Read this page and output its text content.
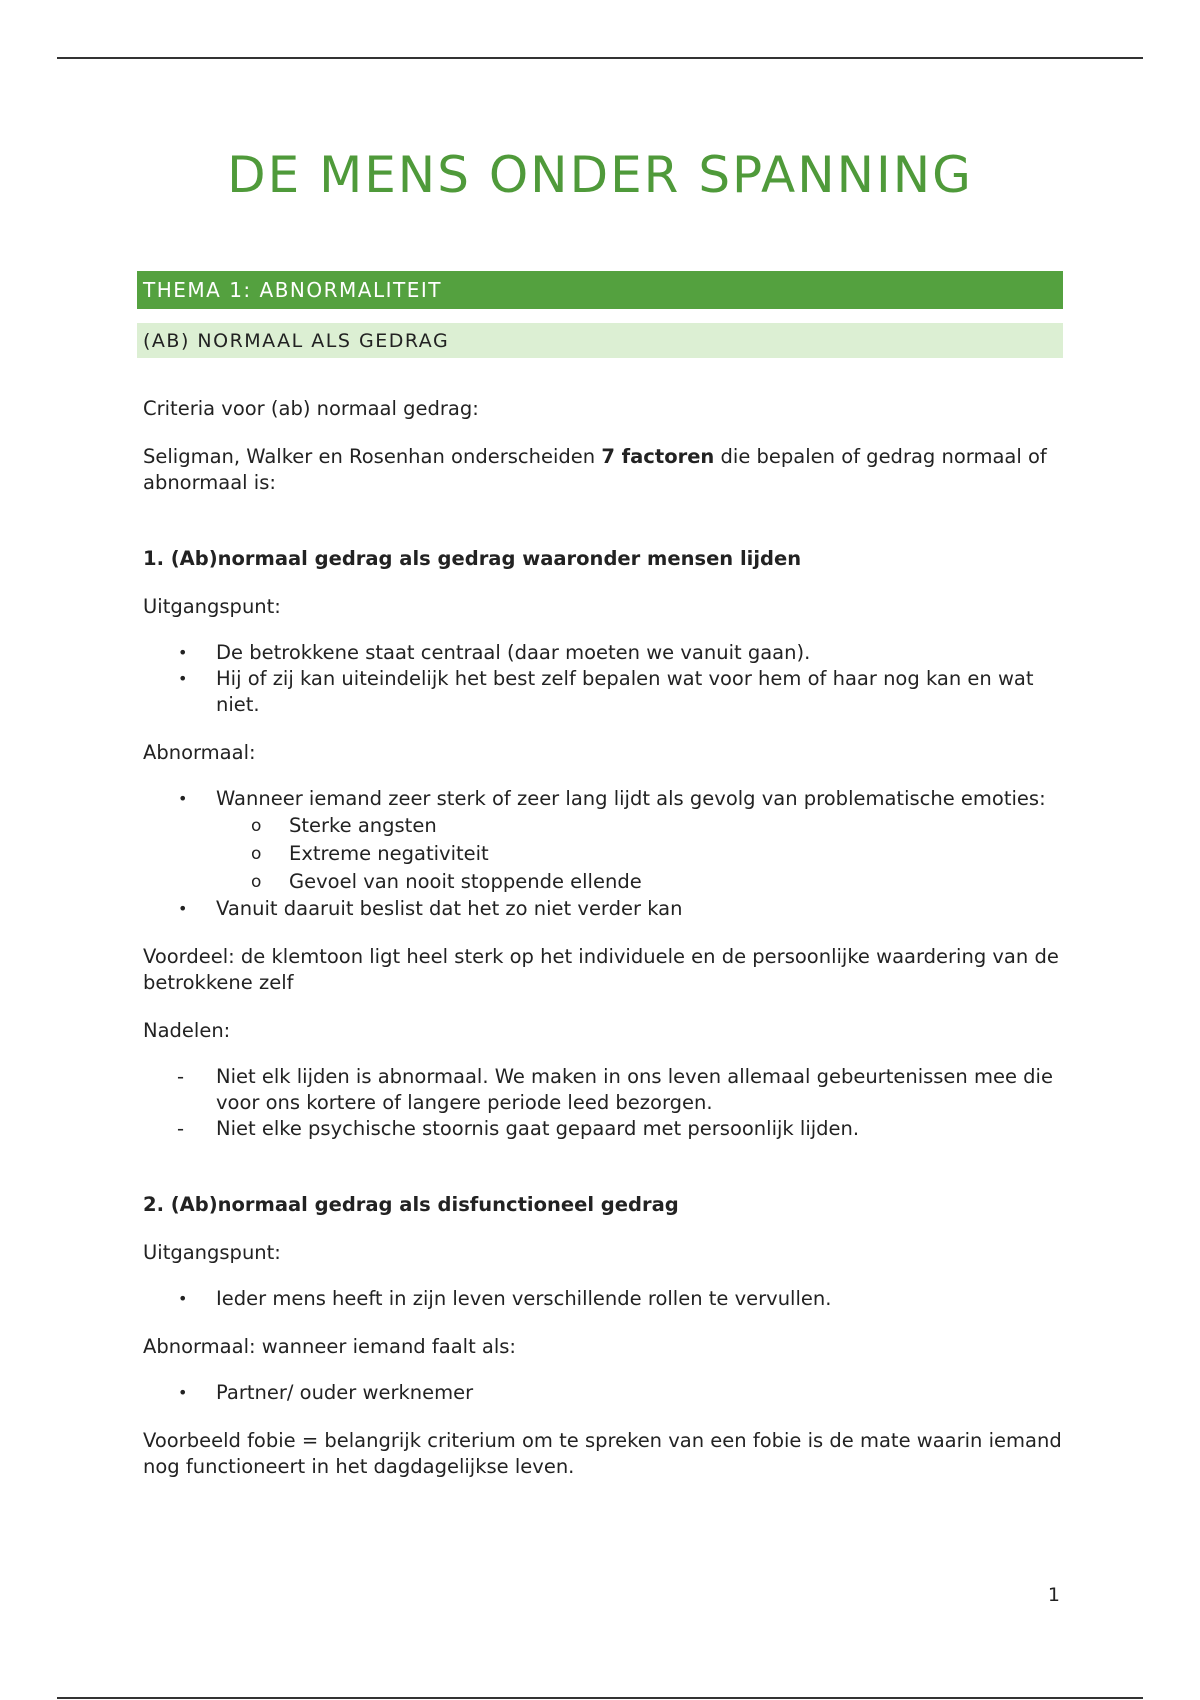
DE MENS ONDER SPANNING
THEMA 1: ABNORMALITEIT
(AB) NORMAAL ALS GEDRAG

Criteria voor (ab) normaal gedrag:

Seligman, Walker en Rosenhan onderscheiden 7 factoren die bepalen of gedrag normaal of abnormaal is:

1. (Ab)normaal gedrag als gedrag waaronder mensen lijden

Uitgangspunt:

• De betrokkene staat centraal (daar moeten we vanuit gaan).
• Hij of zij kan uiteindelijk het best zelf bepalen wat voor hem of haar nog kan en wat niet.

Abnormaal:

• Wanneer iemand zeer sterk of zeer lang lijdt als gevolg van problematische emoties:
o Sterke angsten
o Extreme negativiteit
o Gevoel van nooit stoppende ellende
• Vanuit daaruit beslist dat het zo niet verder kan

Voordeel: de klemtoon ligt heel sterk op het individuele en de persoonlijke waardering van de betrokkene zelf

Nadelen:

- Niet elk lijden is abnormaal. We maken in ons leven allemaal gebeurtenissen mee die voor ons kortere of langere periode leed bezorgen.
- Niet elke psychische stoornis gaat gepaard met persoonlijk lijden.
2. (Ab)normaal gedrag als disfunctioneel gedrag

Uitgangspunt:

• Ieder mens heeft in zijn leven verschillende rollen te vervullen.

Abnormaal: wanneer iemand faalt als:

• Partner/ ouder werknemer

Voorbeeld fobie = belangrijk criterium om te spreken van een fobie is de mate waarin iemand nog functioneert in het dagdagelijkse leven.

1
